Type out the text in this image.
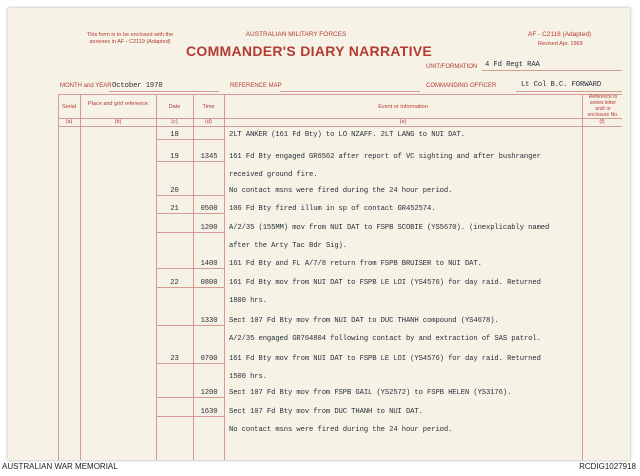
This form is to be enclosed with the
annexes in AF - C2119 (Adapted)
AUSTRALIAN MILITARY FORCES
COMMANDER'S DIARY NARRATIVE
AF - C2118 (Adapted)
Revised Apr. 1969
UNIT/FORMATION 4 Fd Regt RAA
MONTH and YEAR October 1970	REFERENCE MAP	COMMANDING OFFICER	Lt Col B.C. FORWARD
Serial	Place and grid reference	Date	Time	Event or Information
Reference to annex letter and/ or enclosure No.
(a)	(b)	(c)	(d)	(e)	(f)
18	2LT ANKER (161 Fd Bty) to LO NZAFF. 2LT LANG to NUI DAT.
19	1345	161 Fd Bty engaged GR6562 after report of VC sighting and after bushranger
received ground fire.
20	No contact msns were fired during the 24 hour period.
21	0500	106 Fd Bty fired illum in sp of contact GR452574.
1200	A/2/35 (155MM) mov from NUI DAT to FSPB SCOBIE (YS5670). (inexplicably named
after the Arty Tac Bdr Sig).
1400	161 Fd Bty and FL A/7/8 return from FSPB BRUISER to NUI DAT.
22	0800	161 Fd Bty mov from NUI DAT to FSPB LE LOI (YS4576) for day raid. Returned
1800 hrs.
1330	Sect 107 Fd Bty mov from NUI DAT to DUC THANH compound (YS4678).
A/2/35 engaged GR764804 following contact by and extraction of SAS patrol.
23	0700	161 Fd Bty mov from NUI DAT to FSPB LE LOI (YS4576) for day raid. Returned
1500 hrs.
1200	Sect 107 Fd Bty mov from FSPB GAIL (YS2572) to FSPB HELEN (YS3176).
1630	Sect 107 Fd Bty mov from DUC THANH to NUI DAT.
No contact msns were fired during the 24 hour period.
AUSTRALIAN WAR MEMORIAL	RCDIG1027918
